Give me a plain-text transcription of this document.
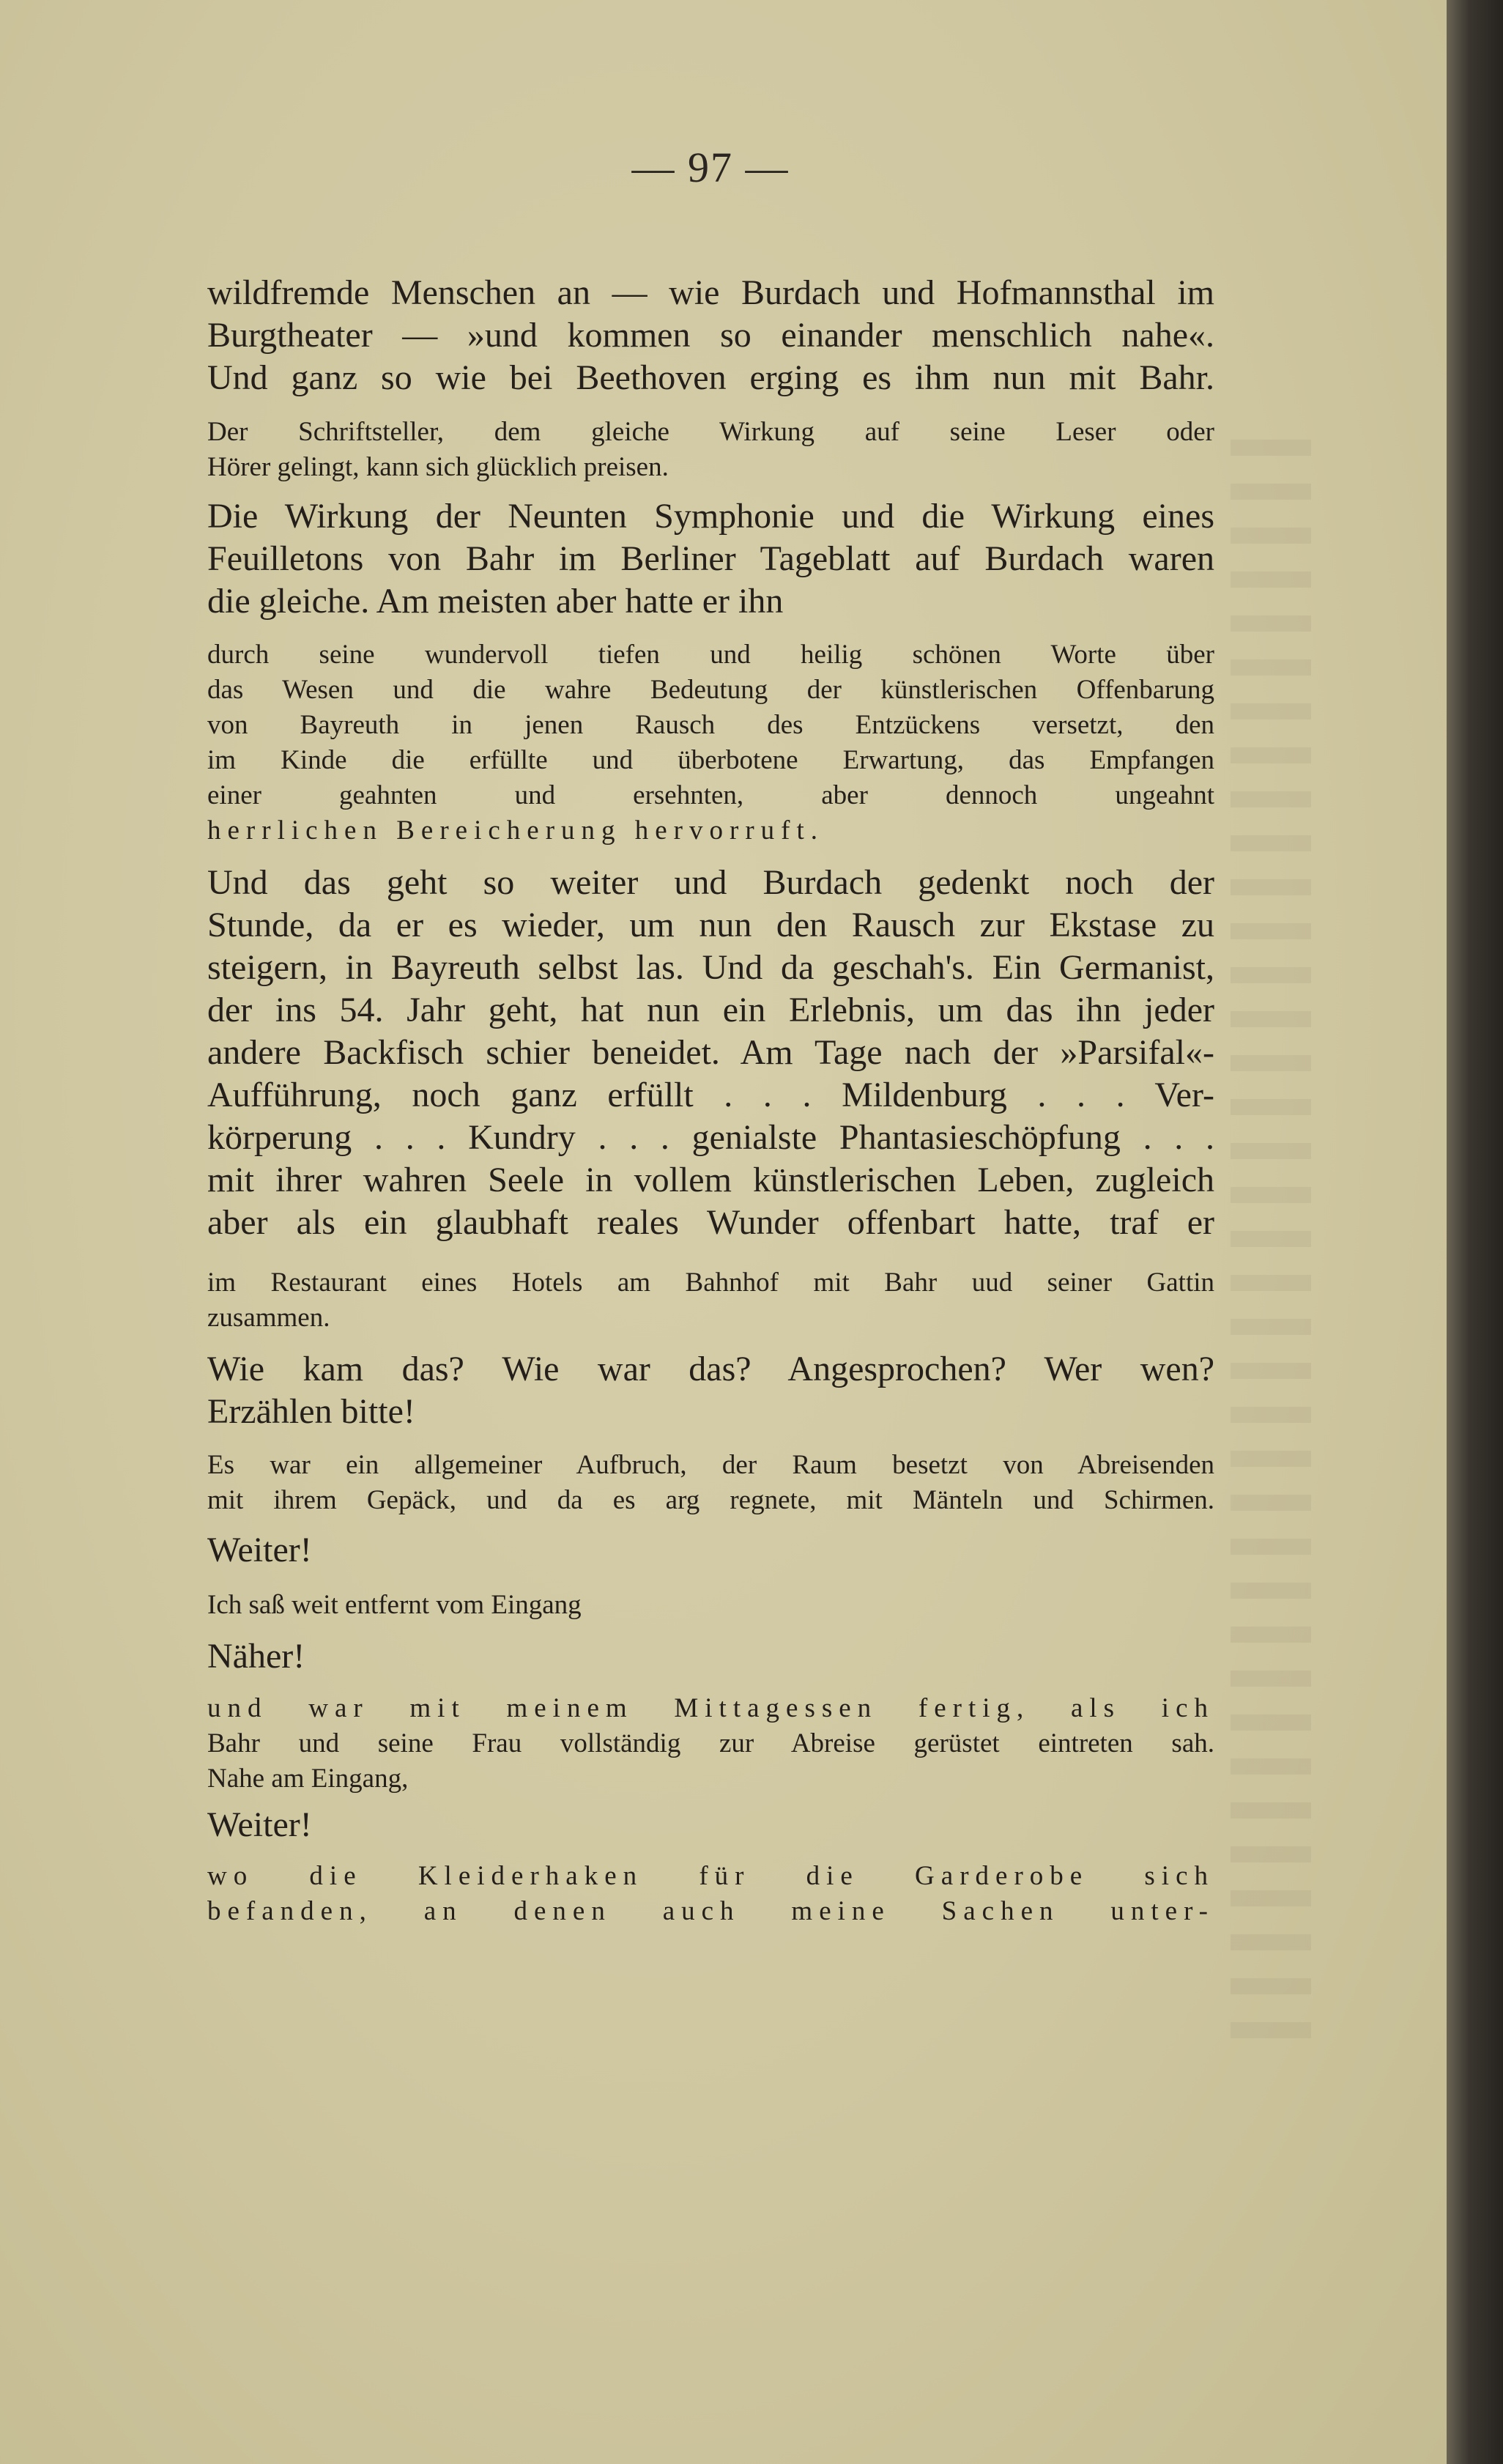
— 97 —
wildfremde Menschen an — wie Burdach und Hofmannsthal im
Burgtheater — »und kommen so einander menschlich nahe«.
Und ganz so wie bei Beethoven erging es ihm nun mit Bahr.
Der Schriftsteller, dem gleiche Wirkung auf seine Leser oder
Hörer gelingt, kann sich glücklich preisen.
Die Wirkung der Neunten Symphonie und die Wirkung eines
Feuilletons von Bahr im Berliner Tageblatt auf Burdach waren
die gleiche. Am meisten aber hatte er ihn
durch seine wundervoll tiefen und heilig schönen Worte über
das Wesen und die wahre Bedeutung der künstlerischen Offenbarung
von Bayreuth in jenen Rausch des Entzückens versetzt, den
im Kinde die erfüllte und überbotene Erwartung, das Empfangen
einer geahnten und ersehnten, aber dennoch ungeahnt
herrlichen Bereicherung hervorruft.
Und das geht so weiter und Burdach gedenkt noch der
Stunde, da er es wieder, um nun den Rausch zur Ekstase zu
steigern, in Bayreuth selbst las. Und da geschah's. Ein Germanist,
der ins 54. Jahr geht, hat nun ein Erlebnis, um das ihn jeder
andere Backfisch schier beneidet. Am Tage nach der »Parsifal«-
Aufführung, noch ganz erfüllt . . . Mildenburg . . . Ver-
körperung . . . Kundry . . . genialste Phantasieschöpfung . . .
mit ihrer wahren Seele in vollem künstlerischen Leben, zugleich
aber als ein glaubhaft reales Wunder offenbart hatte, traf er
im Restaurant eines Hotels am Bahnhof mit Bahr uud seiner Gattin
zusammen.
Wie kam das? Wie war das? Angesprochen? Wer wen?
Erzählen bitte!
Es war ein allgemeiner Aufbruch, der Raum besetzt von Abreisenden
mit ihrem Gepäck, und da es arg regnete, mit Mänteln und Schirmen.
Weiter!
Ich saß weit entfernt vom Eingang
Näher!
und war mit meinem Mittagessen fertig, als ich
Bahr und seine Frau vollständig zur Abreise gerüstet eintreten sah.
Nahe am Eingang,
Weiter!
wo die Kleiderhaken für die Garderobe sich
befanden, an denen auch meine Sachen unter-
